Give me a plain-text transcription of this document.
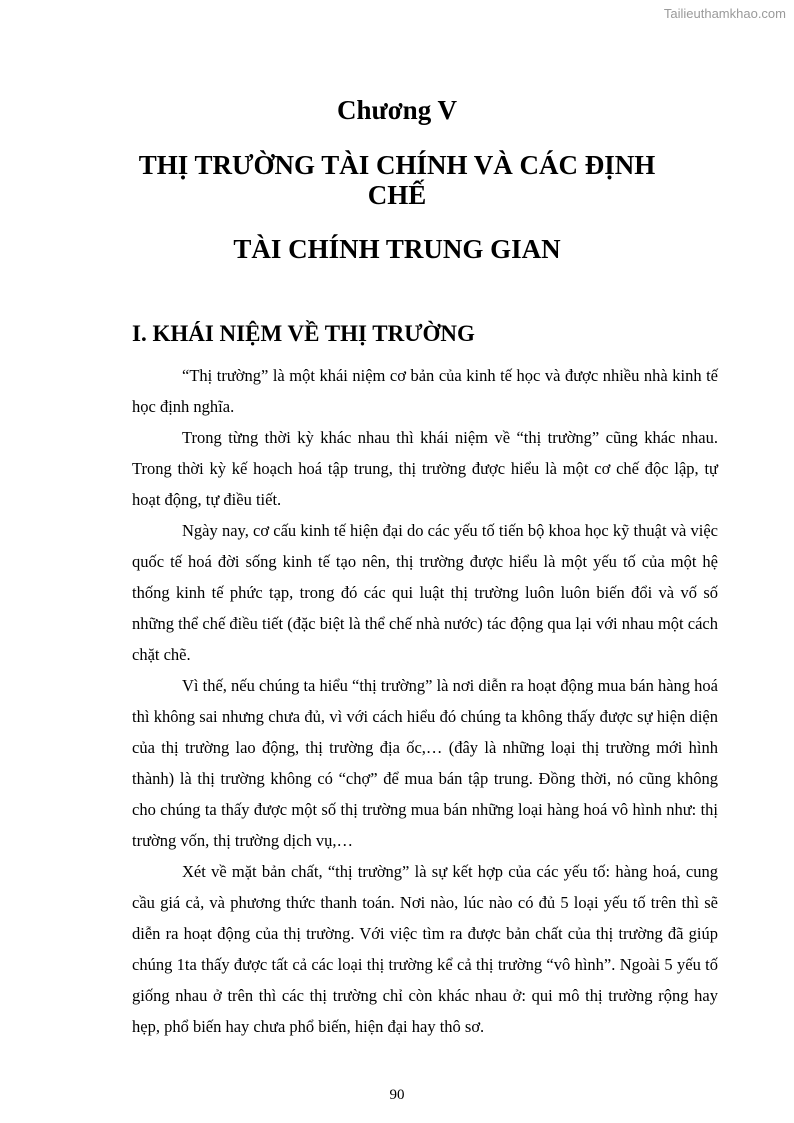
Tailieuthamkhao.com

Chương V

THỊ TRƯỜNG TÀI CHÍNH VÀ CÁC ĐỊNH

CHẾ

TÀI CHÍNH TRUNG GIAN

I. KHÁI NIỆM VỀ THỊ TRƯỜNG

“Thị trường” là một khái niệm cơ bản của kinh tế học và được nhiều nhà kinh tế học định nghĩa.

Trong từng thời kỳ khác nhau thì khái niệm về “thị trường” cũng khác nhau. Trong thời kỳ kế hoạch hoá tập trung, thị trường được hiểu là một cơ chế độc lập, tự hoạt động, tự điều tiết.

Ngày nay, cơ cấu kinh tế hiện đại do các yếu tố tiến bộ khoa học kỹ thuật và việc quốc tế hoá đời sống kinh tế tạo nên, thị trường được hiểu là một yếu tố của một hệ thống kinh tế phức tạp, trong đó các qui luật thị trường luôn luôn biến đổi và vố số những thể chế điều tiết (đặc biệt là thể chế nhà nước) tác động qua lại với nhau một cách chặt chẽ.

Vì thế, nếu chúng ta hiểu “thị trường” là nơi diễn ra hoạt động mua bán hàng hoá thì không sai nhưng chưa đủ, vì với cách hiểu đó chúng ta không thấy được sự hiện diện của thị trường lao động, thị trường địa ốc,… (đây là những loại thị trường mới hình thành) là thị trường không có “chợ” để mua bán tập trung. Đồng thời, nó cũng không cho chúng ta thấy được một số thị trường mua bán những loại hàng hoá vô hình như: thị trường vốn, thị trường dịch vụ,…

Xét về mặt bản chất, “thị trường” là sự kết hợp của các yếu tố: hàng hoá, cung cầu giá cả, và phương thức thanh toán. Nơi nào, lúc nào có đủ 5 loại yếu tố trên thì sẽ diễn ra hoạt động của thị trường. Với việc tìm ra được bản chất của thị trường đã giúp chúng 1ta thấy được tất cả các loại thị trường kể cả thị trường “vô hình”. Ngoài 5 yếu tố giống nhau ở trên thì các thị trường chỉ còn khác nhau ở: qui mô thị trường rộng hay hẹp, phổ biến hay chưa phổ biến, hiện đại hay thô sơ.

90
